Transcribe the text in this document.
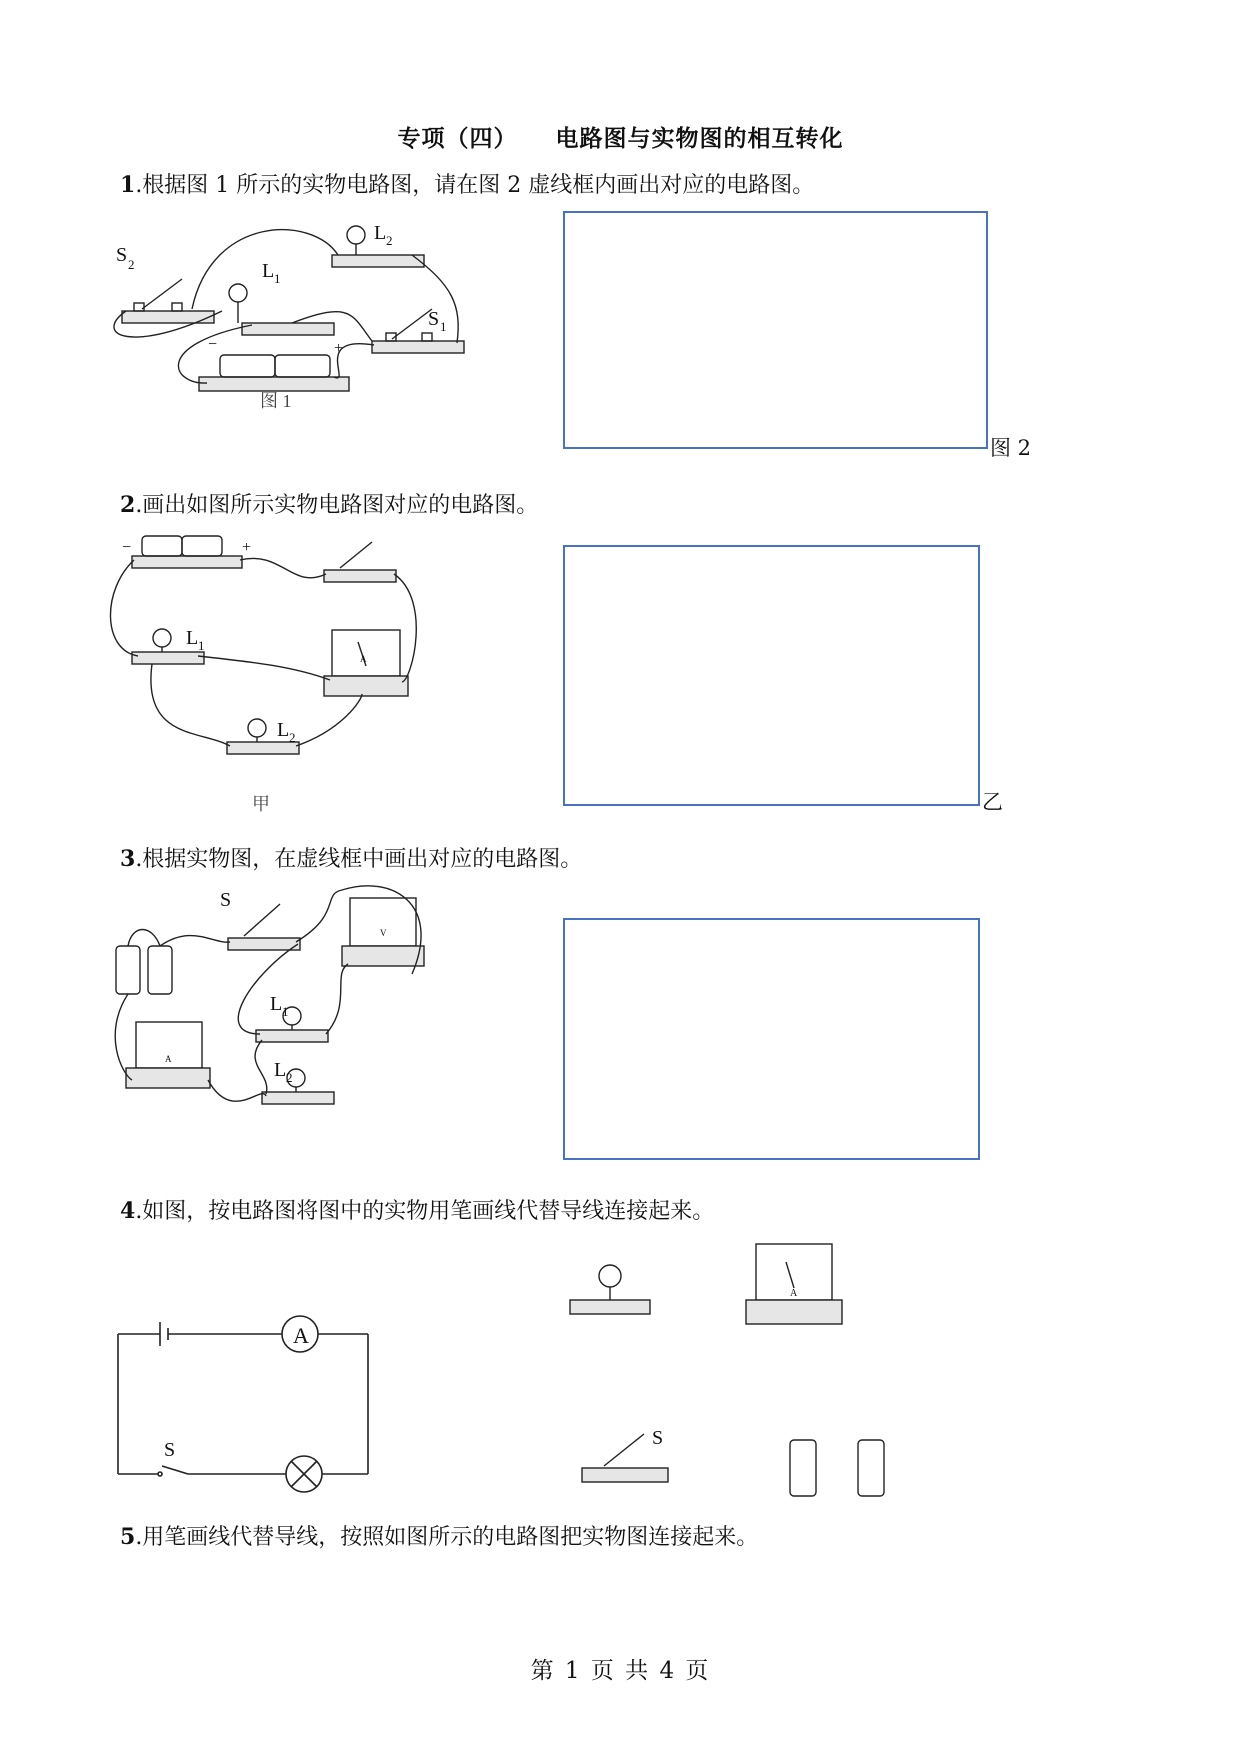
专项（四） 电路图与实物图的相互转化
1.根据图 1 所示的实物电路图，请在图 2 虚线框内画出对应的电路图。
S 2	L 1
L 2
S 1
−	+
图 1
图 2
2.画出如图所示实物电路图对应的电路图。
−	+
L 1
L 2
A
甲	乙
3.根据实物图，在虚线框中画出对应的电路图。
S
L 1
L 2
V
A
4.如图，按电路图将图中的实物用笔画线代替导线连接起来。
A
S
A
S
5.用笔画线代替导线，按照如图所示的电路图把实物图连接起来。
第 1 页 共 4 页
